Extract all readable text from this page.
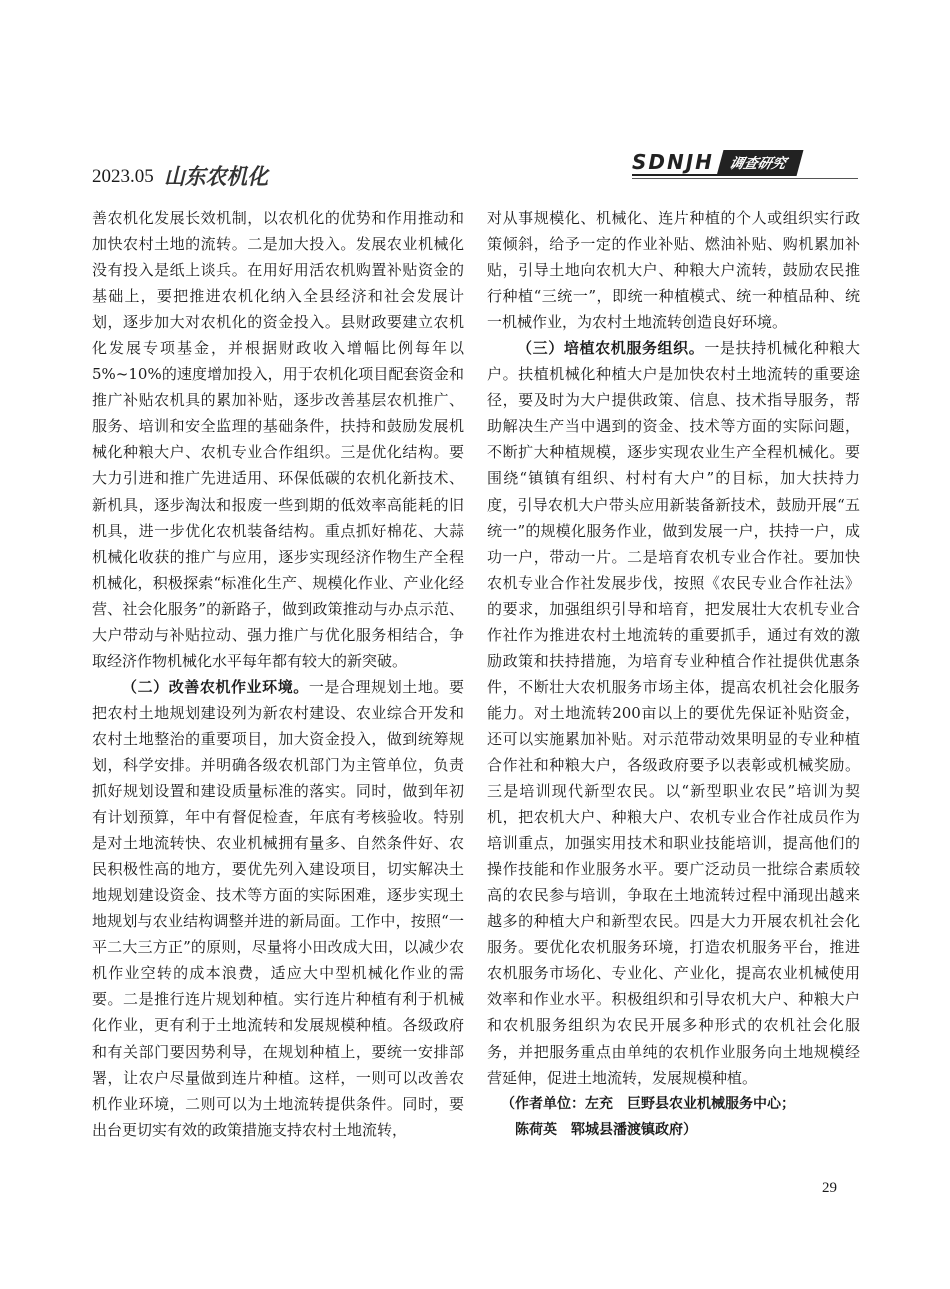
2023.05 山东农机化
SDNJH 调查研究

善农机化发展长效机制，以农机化的优势和作用推动和加快农村土地的流转。二是加大投入。发展农业机械化没有投入是纸上谈兵。在用好用活农机购置补贴资金的基础上，要把推进农机化纳入全县经济和社会发展计划，逐步加大对农机化的资金投入。县财政要建立农机化发展专项基金，并根据财政收入增幅比例每年以5%~10%的速度增加投入，用于农机化项目配套资金和推广补贴农机具的累加补贴，逐步改善基层农机推广、服务、培训和安全监理的基础条件，扶持和鼓励发展机械化种粮大户、农机专业合作组织。三是优化结构。要大力引进和推广先进适用、环保低碳的农机化新技术、新机具，逐步淘汰和报废一些到期的低效率高能耗的旧机具，进一步优化农机装备结构。重点抓好棉花、大蒜机械化收获的推广与应用，逐步实现经济作物生产全程机械化，积极探索“标准化生产、规模化作业、产业化经营、社会化服务”的新路子，做到政策推动与办点示范、大户带动与补贴拉动、强力推广与优化服务相结合，争取经济作物机械化水平每年都有较大的新突破。

（二）改善农机作业环境。一是合理规划土地。要把农村土地规划建设列为新农村建设、农业综合开发和农村土地整治的重要项目，加大资金投入，做到统筹规划，科学安排。并明确各级农机部门为主管单位，负责抓好规划设置和建设质量标准的落实。同时，做到年初有计划预算，年中有督促检查，年底有考核验收。特别是对土地流转快、农业机械拥有量多、自然条件好、农民积极性高的地方，要优先列入建设项目，切实解决土地规划建设资金、技术等方面的实际困难，逐步实现土地规划与农业结构调整并进的新局面。工作中，按照“一平二大三方正”的原则，尽量将小田改成大田，以减少农机作业空转的成本浪费，适应大中型机械化作业的需要。二是推行连片规划种植。实行连片种植有利于机械化作业，更有利于土地流转和发展规模种植。各级政府和有关部门要因势利导，在规划种植上，要统一安排部署，让农户尽量做到连片种植。这样，一则可以改善农机作业环境，二则可以为土地流转提供条件。同时，要出台更切实有效的政策措施支持农村土地流转，

对从事规模化、机械化、连片种植的个人或组织实行政策倾斜，给予一定的作业补贴、燃油补贴、购机累加补贴，引导土地向农机大户、种粮大户流转，鼓励农民推行种植“三统一”，即统一种植模式、统一种植品种、统一机械作业，为农村土地流转创造良好环境。

（三）培植农机服务组织。一是扶持机械化种粮大户。扶植机械化种植大户是加快农村土地流转的重要途径，要及时为大户提供政策、信息、技术指导服务，帮助解决生产当中遇到的资金、技术等方面的实际问题，不断扩大种植规模，逐步实现农业生产全程机械化。要围绕“镇镇有组织、村村有大户”的目标，加大扶持力度，引导农机大户带头应用新装备新技术，鼓励开展“五统一”的规模化服务作业，做到发展一户，扶持一户，成功一户，带动一片。二是培育农机专业合作社。要加快农机专业合作社发展步伐，按照《农民专业合作社法》的要求，加强组织引导和培育，把发展壮大农机专业合作社作为推进农村土地流转的重要抓手，通过有效的激励政策和扶持措施，为培育专业种植合作社提供优惠条件，不断壮大农机服务市场主体，提高农机社会化服务能力。对土地流转200亩以上的要优先保证补贴资金，还可以实施累加补贴。对示范带动效果明显的专业种植合作社和种粮大户，各级政府要予以表彰或机械奖励。三是培训现代新型农民。以“新型职业农民”培训为契机，把农机大户、种粮大户、农机专业合作社成员作为培训重点，加强实用技术和职业技能培训，提高他们的操作技能和作业服务水平。要广泛动员一批综合素质较高的农民参与培训，争取在土地流转过程中涌现出越来越多的种植大户和新型农民。四是大力开展农机社会化服务。要优化农机服务环境，打造农机服务平台，推进农机服务市场化、专业化、产业化，提高农业机械使用效率和作业水平。积极组织和引导农机大户、种粮大户和农机服务组织为农民开展多种形式的农机社会化服务，并把服务重点由单纯的农机作业服务向土地规模经营延伸，促进土地流转，发展规模种植。

（作者单位：左充　巨野县农业机械服务中心；

陈荷英　郓城县潘渡镇政府）

29
